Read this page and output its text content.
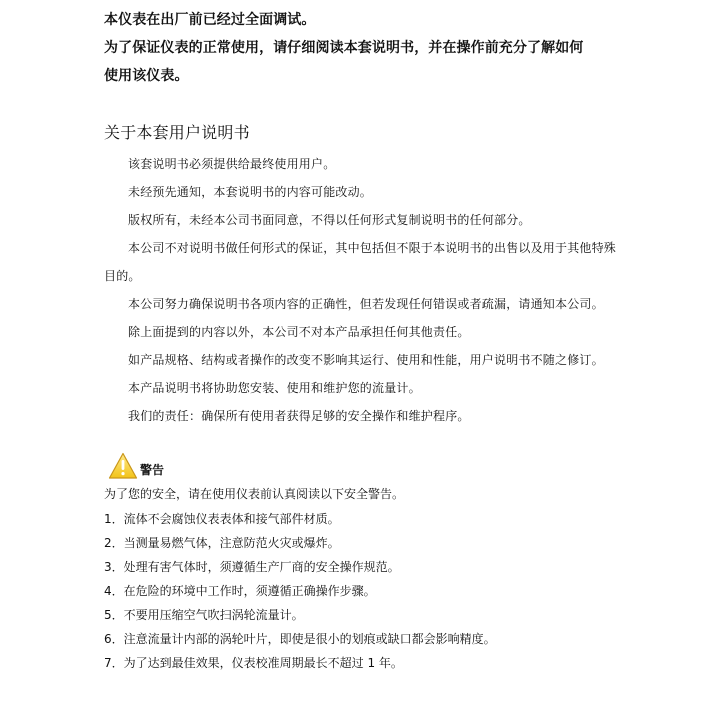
本仪表在出厂前已经过全面调试。
为了保证仪表的正常使用，请仔细阅读本套说明书，并在操作前充分了解如何
使用该仪表。
关于本套用户说明书
该套说明书必须提供给最终使用用户。
未经预先通知，本套说明书的内容可能改动。
版权所有，未经本公司书面同意，不得以任何形式复制说明书的任何部分。
本公司不对说明书做任何形式的保证，其中包括但不限于本说明书的出售以及用于其他特殊目的。
本公司努力确保说明书各项内容的正确性，但若发现任何错误或者疏漏，请通知本公司。
除上面提到的内容以外，本公司不对本产品承担任何其他责任。
如产品规格、结构或者操作的改变不影响其运行、使用和性能，用户说明书不随之修订。
本产品说明书将协助您安装、使用和维护您的流量计。
我们的责任：确保所有使用者获得足够的安全操作和维护程序。
警告
为了您的安全，请在使用仪表前认真阅读以下安全警告。
1．流体不会腐蚀仪表表体和接气部件材质。
2．当测量易燃气体，注意防范火灾或爆炸。
3．处理有害气体时，须遵循生产厂商的安全操作规范。
4．在危险的环境中工作时，须遵循正确操作步骤。
5．不要用压缩空气吹扫涡轮流量计。
6．注意流量计内部的涡轮叶片，即使是很小的划痕或缺口都会影响精度。
7．为了达到最佳效果，仪表校准周期最长不超过 1 年。
